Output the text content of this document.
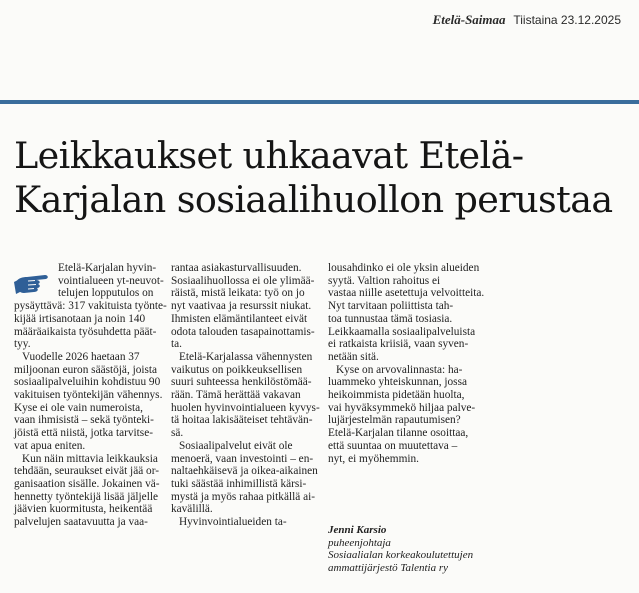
Etelä-Saimaa Tiistaina 23.12.2025
Leikkaukset uhkaavat Etelä-
Karjalan sosiaalihuollon perustaa
Etelä-Karjalan hyvin-
vointialueen yt-neuvot-
telujen lopputulos on
pysäyttävä: 317 vakituista työnte-
kijää irtisanotaan ja noin 140
määräaikaista työsuhdetta päät-
tyy.
Vuodelle 2026 haetaan 37
miljoonan euron säästöjä, joista
sosiaalipalveluihin kohdistuu 90
vakituisen työntekijän vähennys.
Kyse ei ole vain numeroista,
vaan ihmisistä – sekä työnteki-
jöistä että niistä, jotka tarvitse-
vat apua eniten.
Kun näin mittavia leikkauksia
tehdään, seuraukset eivät jää or-
ganisaation sisälle. Jokainen vä-
hennetty työntekijä lisää jäljelle
jäävien kuormitusta, heikentää
palvelujen saatavuutta ja vaa-
rantaa asiakasturvallisuuden.
Sosiaalihuollossa ei ole ylimää-
räistä, mistä leikata: työ on jo
nyt vaativaa ja resurssit niukat.
Ihmisten elämäntilanteet eivät
odota talouden tasapainottamis-
ta.
Etelä-Karjalassa vähennysten
vaikutus on poikkeuksellisen
suuri suhteessa henkilöstömää-
rään. Tämä herättää vakavan
huolen hyvinvointialueen kyvys-
tä hoitaa lakisääteiset tehtävän-
sä.
Sosiaalipalvelut eivät ole
menoerä, vaan investointi – en-
naltaehkäisevä ja oikea-aikainen
tuki säästää inhimillistä kärsi-
mystä ja myös rahaa pitkällä ai-
kavälillä.
Hyvinvointialueiden ta-
lousahdinko ei ole yksin alueiden
syytä. Valtion rahoitus ei
vastaa niille asetettuja velvoitteita.
Nyt tarvitaan poliittista tah-
toa tunnustaa tämä tosiasia.
Leikkaamalla sosiaalipalveluista
ei ratkaista kriisiä, vaan syven-
netään sitä.
Kyse on arvovalinnasta: ha-
luammeko yhteiskunnan, jossa
heikoimmista pidetään huolta,
vai hyväksymmekö hiljaa palve-
lujärjestelmän rapautumisen?
Etelä-Karjalan tilanne osoittaa,
että suuntaa on muutettava –
nyt, ei myöhemmin.
Jenni Karsio
puheenjohtaja
Sosiaalialan korkeakoulutettujen
ammattijärjestö Talentia ry
